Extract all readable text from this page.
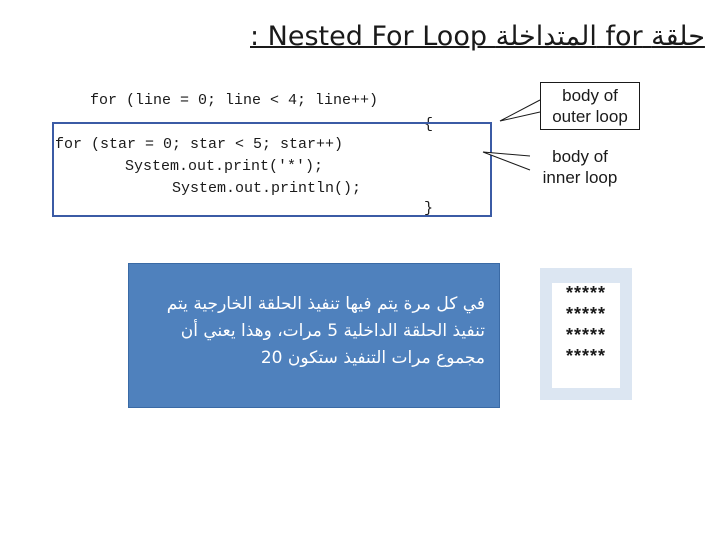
: Nested For Loop المتداخلة for حلقة
for (line = 0; line < 4; line++)
{
for (star = 0; star < 5; star++)
System.out.print('*');
System.out.println();
}
body of
outer loop
body of
inner loop
في كل مرة يتم فيها تنفيذ الحلقة الخارجية يتم
تنفيذ الحلقة الداخلية 5 مرات، وهذا يعني أن
مجموع مرات التنفيذ ستكون 20
*****
*****
*****
*****
